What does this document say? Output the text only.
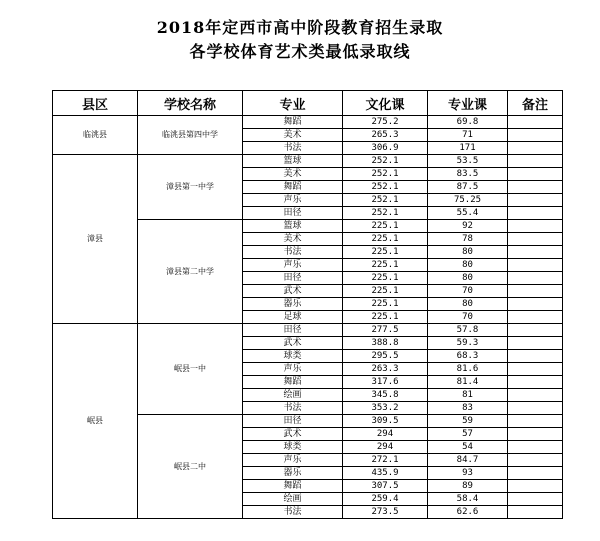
2018年定西市高中阶段教育招生录取
各学校体育艺术类最低录取线
县区	学校名称	专业	文化课	专业课	备注
临洮县	临洮县第四中学	舞蹈	275.2	69.8	
		美术	265.3	71	
		书法	306.9	171	
漳县	漳县第一中学	篮球	252.1	53.5	
		美术	252.1	83.5	
		舞蹈	252.1	87.5	
		声乐	252.1	75.25	
		田径	252.1	55.4	
	漳县第二中学	篮球	225.1	92	
		美术	225.1	78	
		书法	225.1	80	
		声乐	225.1	80	
		田径	225.1	80	
		武术	225.1	70	
		器乐	225.1	80	
		足球	225.1	70	
岷县	岷县一中	田径	277.5	57.8	
		武术	388.8	59.3	
		球类	295.5	68.3	
		声乐	263.3	81.6	
		舞蹈	317.6	81.4	
		绘画	345.8	81	
		书法	353.2	83	
	岷县二中	田径	309.5	59	
		武术	294	57	
		球类	294	54	
		声乐	272.1	84.7	
		器乐	435.9	93	
		舞蹈	307.5	89	
		绘画	259.4	58.4	
		书法	273.5	62.6	
